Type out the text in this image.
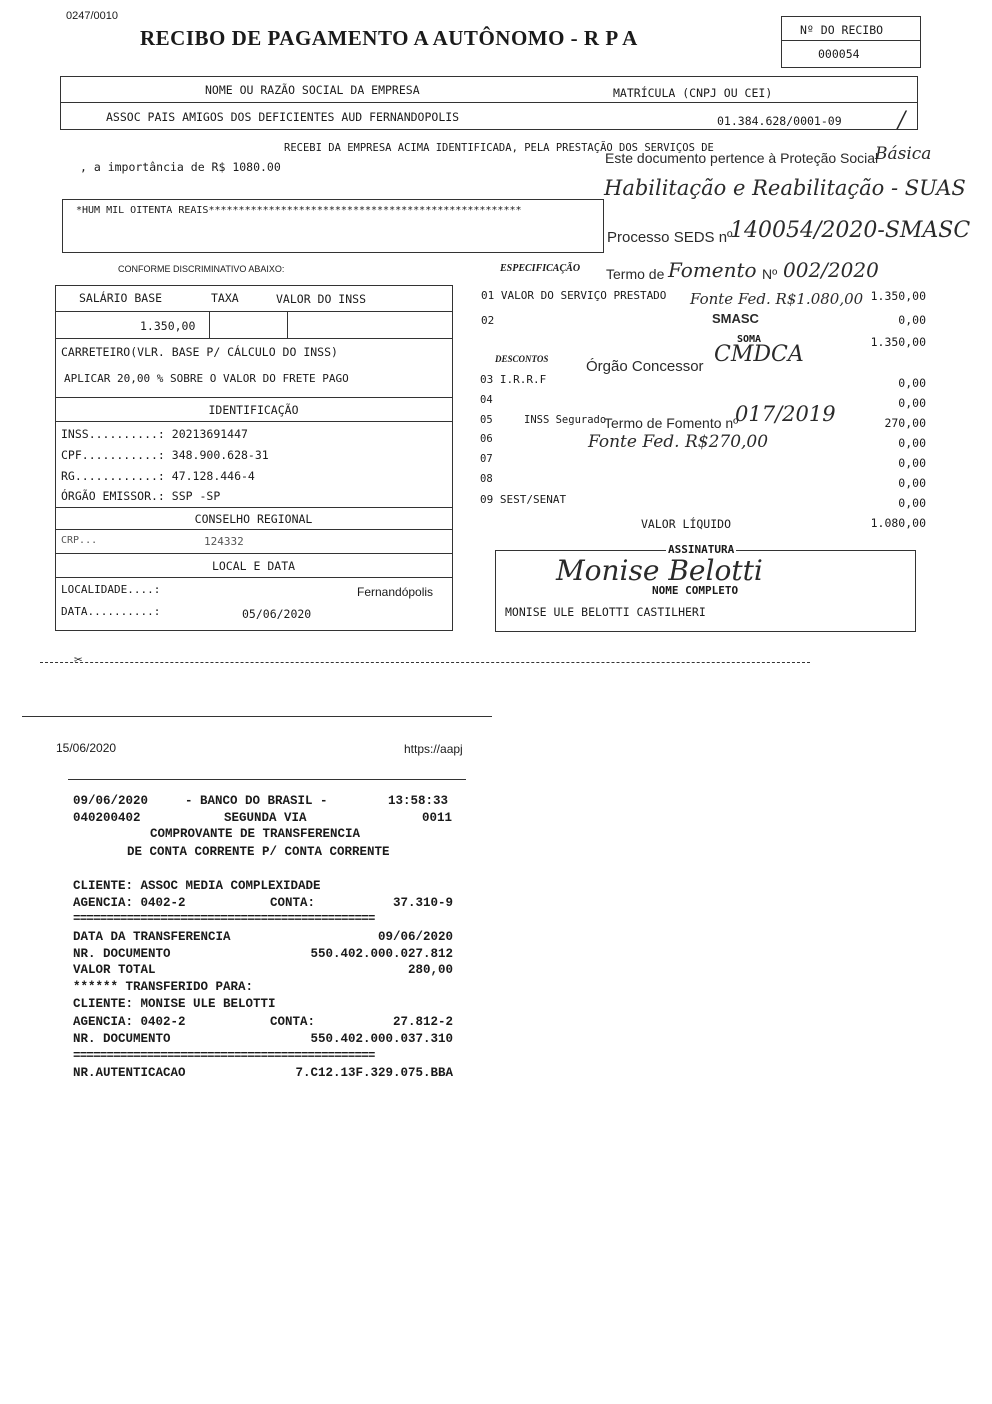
0247/0010
RECIBO DE PAGAMENTO A AUTÔNOMO - R P A	Nº DO RECIBO
000054
NOME OU RAZÃO SOCIAL DA EMPRESA	MATRÍCULA (CNPJ OU CEI)
ASSOC PAIS AMIGOS DOS DEFICIENTES AUD FERNANDOPOLIS	01.384.628/0001-09	/
RECEBI DA EMPRESA ACIMA IDENTIFICADA, PELA PRESTAÇÃO DOS SERVIÇOS DE
, a importância de R$ 1080.00
Este documento pertence à Proteção Social
Básica
Habilitação e Reabilitação - SUAS
*HUM MIL OITENTA REAIS****************************************************
Processo SEDS nº
140054/2020-SMASC
CONFORME DISCRIMINATIVO ABAIXO:
SALÁRIO BASE	TAXA	VALOR DO INSS
1.350,00
CARRETEIRO(VLR. BASE P/ CÁLCULO DO INSS)
APLICAR 20,00 % SOBRE O VALOR DO FRETE PAGO
IDENTIFICAÇÃO
INSS..........: 20213691447
CPF...........: 348.900.628-31
RG............: 47.128.446-4
ÓRGÃO EMISSOR.: SSP -SP
CONSELHO REGIONAL
CRP...	124332
LOCAL E DATA
LOCALIDADE....:	Fernandópolis
DATA..........:	05/06/2020
ESPECIFICAÇÃO Termo de Fomento Nº 002/2020
01 VALOR DO SERVIÇO PRESTADO	1.350,00
Fonte Fed. R$1.080,00
02	0,00
SMASC
SOMA	1.350,00
DESCONTOS	Órgão Concessor CMDCA
03 I.R.R.F	0,00
04	0,00
05	INSS Segurado	270,00
Termo de Fomento nº
017/2019
Fonte Fed. R$270,00
06	0,00
07	0,00
08	0,00
09 SEST/SENAT	0,00
VALOR LÍQUIDO	1.080,00
ASSINATURA
Monise Belotti
NOME COMPLETO
MONISE ULE BELOTTI CASTILHERI
✂
15/06/2020	https://aapj
09/06/2020	- BANCO DO BRASIL -	13:58:33
040200402	SEGUNDA VIA	0011
COMPROVANTE DE TRANSFERENCIA
DE CONTA CORRENTE P/ CONTA CORRENTE
CLIENTE: ASSOC MEDIA COMPLEXIDADE
AGENCIA: 0402-2	CONTA:	37.310-9
=============================================
DATA DA TRANSFERENCIA	09/06/2020
NR. DOCUMENTO	550.402.000.027.812
VALOR TOTAL	280,00
****** TRANSFERIDO PARA:
CLIENTE: MONISE ULE BELOTTI
AGENCIA: 0402-2	CONTA:	27.812-2
NR. DOCUMENTO	550.402.000.037.310
=============================================
NR.AUTENTICACAO	7.C12.13F.329.075.BBA
